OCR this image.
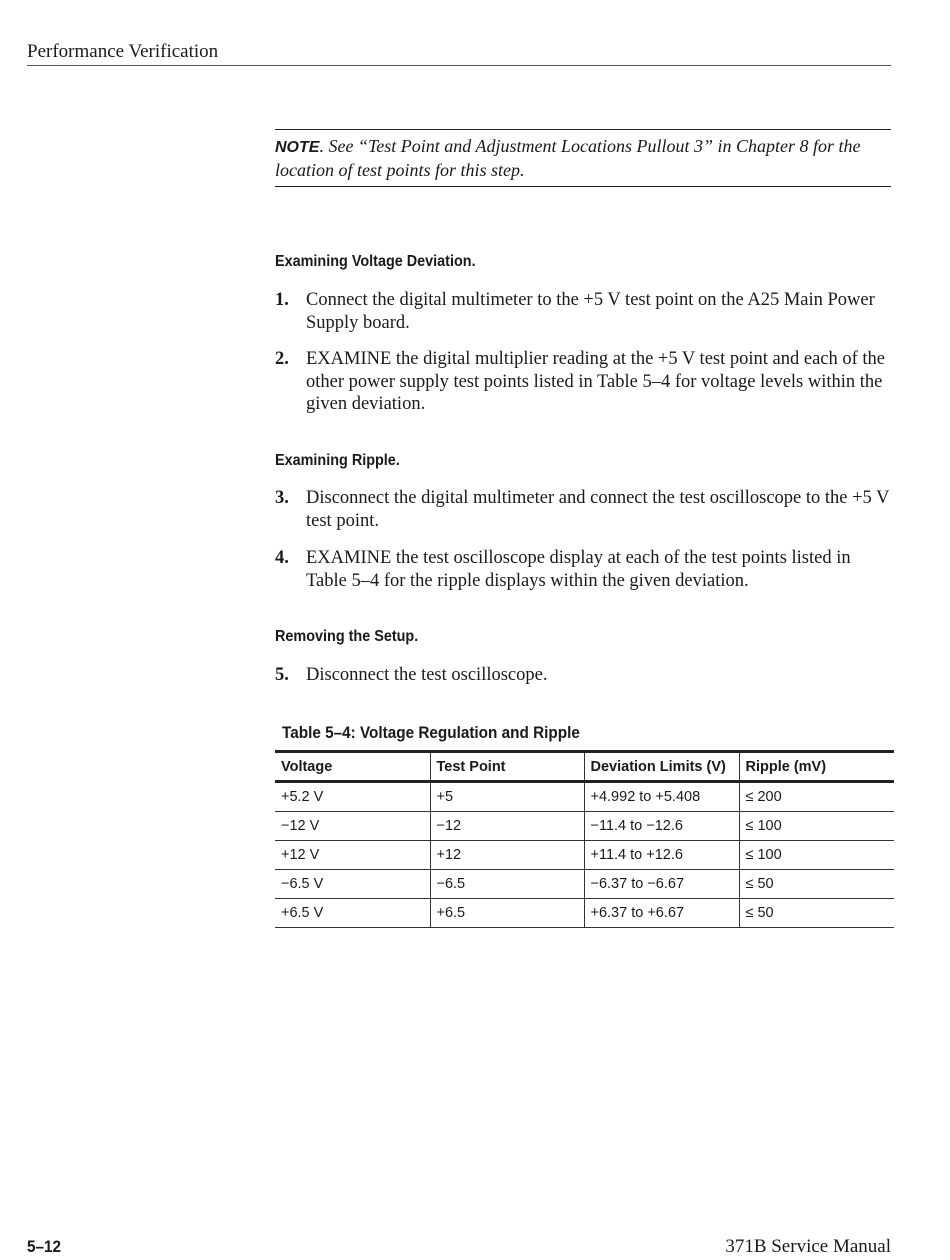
Performance Verification
NOTE. See “Test Point and Adjustment Locations Pullout 3” in Chapter 8 for the location of test points for this step.
Examining Voltage Deviation.
1. Connect the digital multimeter to the +5 V test point on the A25 Main Power Supply board.
2. EXAMINE the digital multiplier reading at the +5 V test point and each of the other power supply test points listed in Table 5–4 for voltage levels within the given deviation.
Examining Ripple.
3. Disconnect the digital multimeter and connect the test oscilloscope to the +5 V test point.
4. EXAMINE the test oscilloscope display at each of the test points listed in Table 5–4 for the ripple displays within the given deviation.
Removing the Setup.
5. Disconnect the test oscilloscope.
Table 5–4: Voltage Regulation and Ripple
Voltage	Test Point	Deviation Limits (V)	Ripple (mV)
+5.2 V	+5	+4.992 to +5.408	≤ 200
−12 V	−12	−11.4 to −12.6	≤ 100
+12 V	+12	+11.4 to +12.6	≤ 100
−6.5 V	−6.5	−6.37 to −6.67	≤ 50
+6.5 V	+6.5	+6.37 to +6.67	≤ 50
5–12	371B Service Manual
